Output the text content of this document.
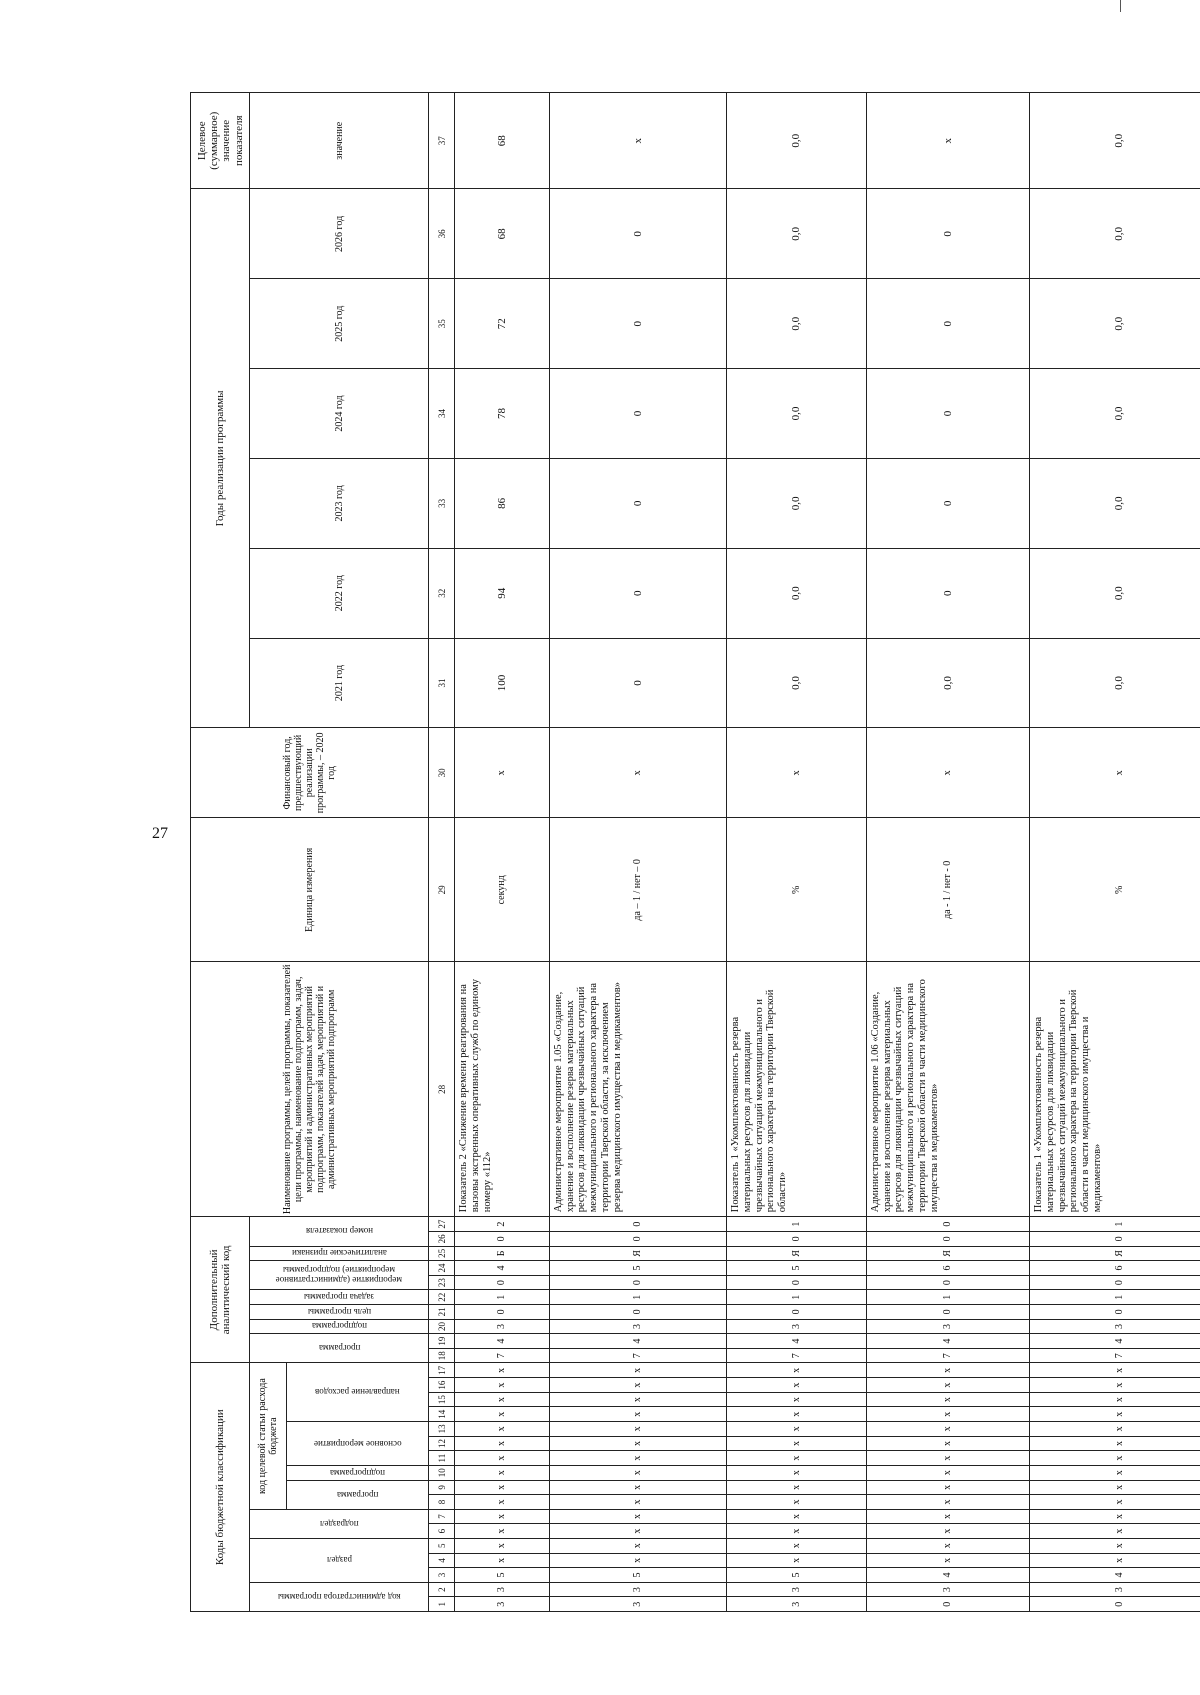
27
Коды бюджетной классификации																	Дополнительный аналитический код										Наименование программы, целей программы, показателей цели программы, наименование подпрограмм, задач, мероприятий и административных мероприятий подпрограмм, показателей задач, мероприятий и административных мероприятий подпрограмм	Единица измерения	Финансовый год, предшествующий реализации программы, – 2020 год	Годы реализации программы						Целевое (суммарное) значение показателя

код администратора программы		раздел			подраздел		код целевой статьи расхода бюджета										программа		подпрограмма	цель программы	задача программы	мероприятие (административное мероприятие) подпрограммы		аналитические признаки	номер показателя					2021 год	2022 год	2023 год	2024 год	2025 год	2026 год	значение

							программа		подпрограмма	основное мероприятие			направление расходов																							

1	2	3	4	5	6	7	8	9	10	11	12	13	14	15	16	17	18	19	20	21	22	23	24	25	26	27	28	29	30	31	32	33	34	35	36	37
3	3	5	х	х	х	х	х	х	х	х	х	х	х	х	х	х	7	4	3	0	1	0	4	Б	0	2	Показатель 2 «Снижение времени реагирования на вызовы экстренных оперативных служб по единому номеру «112»	секунд	х	100	94	86	78	72	68	68
3	3	5	х	х	х	х	х	х	х	х	х	х	х	х	х	х	7	4	3	0	1	0	5	Я	0	0	Административное мероприятие 1.05 «Создание, хранение и восполнение резерва материальных ресурсов для ликвидации чрезвычайных ситуаций межмуниципального и регионального характера на территории Тверской области, за исключением резерва медицинского имущества и медикаментов»	да – 1 / нет – 0	х	0	0	0	0	0	0	х
3	3	5	х	х	х	х	х	х	х	х	х	х	х	х	х	х	7	4	3	0	1	0	5	Я	0	1	Показатель 1 «Укомплектованность резерва материальных ресурсов для ликвидации чрезвычайных ситуаций межмуниципального и регионального характера на территории Тверской области»	%	х	0,0	0,0	0,0	0,0	0,0	0,0	0,0
0	3	4	х	х	х	х	х	х	х	х	х	х	х	х	х	х	7	4	3	0	1	0	6	Я	0	0	Административное мероприятие 1.06 «Создание, хранение и восполнение резерва материальных ресурсов для ликвидации чрезвычайных ситуаций межмуниципального и регионального характера на территории Тверской области в части медицинского имущества и медикаментов»	да - 1 / нет - 0	х	0,0	0	0	0	0	0	х
0	3	4	х	х	х	х	х	х	х	х	х	х	х	х	х	х	7	4	3	0	1	0	6	Я	0	1	Показатель 1 «Укомплектованность резерва материальных ресурсов для ликвидации чрезвычайных ситуаций межмуниципального и регионального характера на территории Тверской области в части медицинского имущества и медикаментов»	%	х	0,0	0,0	0,0	0,0	0,0	0,0	0,0
